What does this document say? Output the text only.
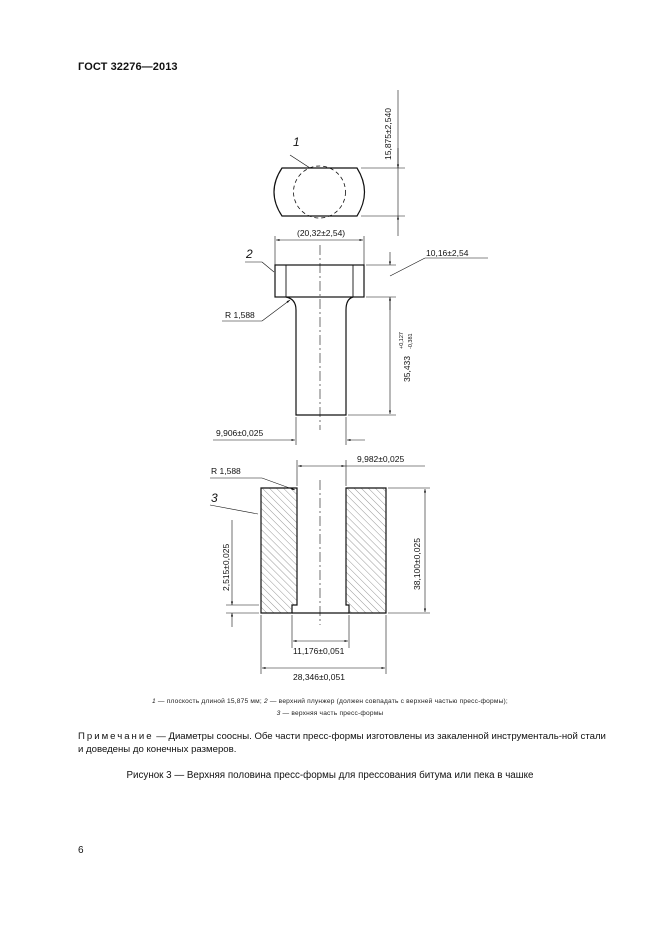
ГОСТ 32276—2013
1	15,875±2,540
(20,32±2,54)
10,16±2,54
2
R 1,588
35,433
+0,127 -0,381
9,906±0,025
9,982±0,025
R 1,588
3
2,515±0,025	38,100±0,025
11,176±0,051
28,346±0,051
1 — плоскость длиной 15,875 мм; 2 — верхний плунжер (должен совпадать с верхней частью пресс-формы);
3 — верхняя часть пресс-формы
Примечание — Диаметры соосны. Обе части пресс-формы изготовлены из закаленной инструменталь-ной стали и доведены до конечных размеров.
Рисунок 3 — Верхняя половина пресс-формы для прессования битума или пека в чашке
6
